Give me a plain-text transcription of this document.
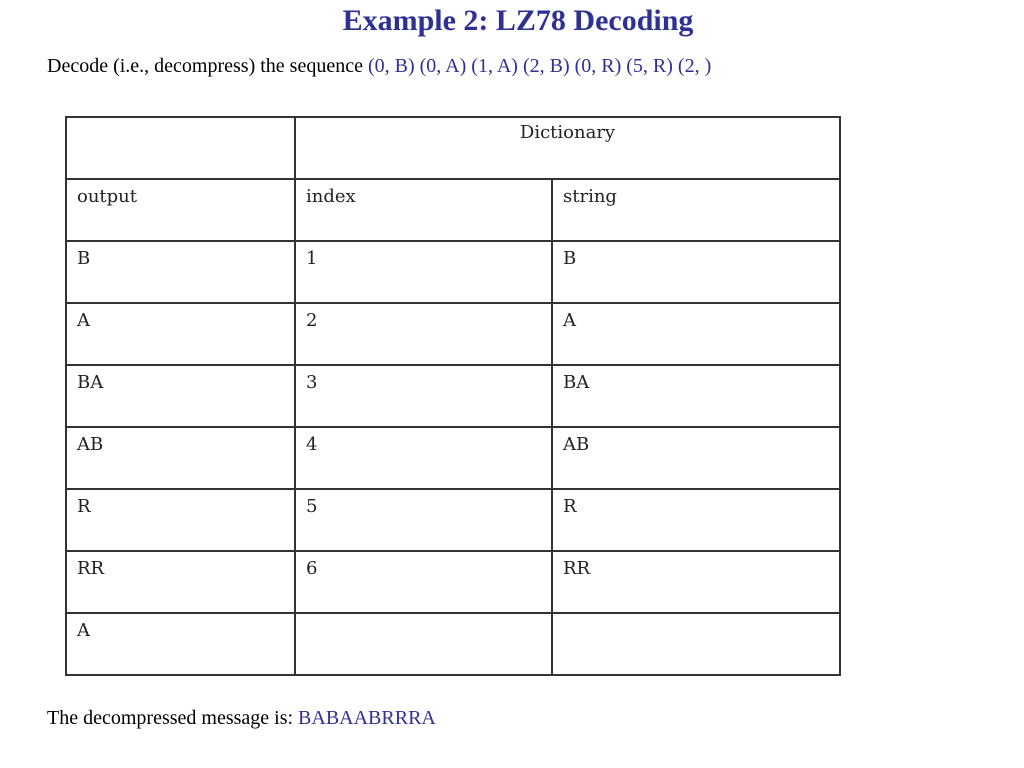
Example 2: LZ78 Decoding
Decode (i.e., decompress) the sequence (0, B) (0, A) (1, A) (2, B) (0, R) (5, R) (2, )
	Dictionary	
output	index	string
B	1	B
A	2	A
BA	3	BA
AB	4	AB
R	5	R
RR	6	RR
A		
The decompressed message is: BABAABRRRA
